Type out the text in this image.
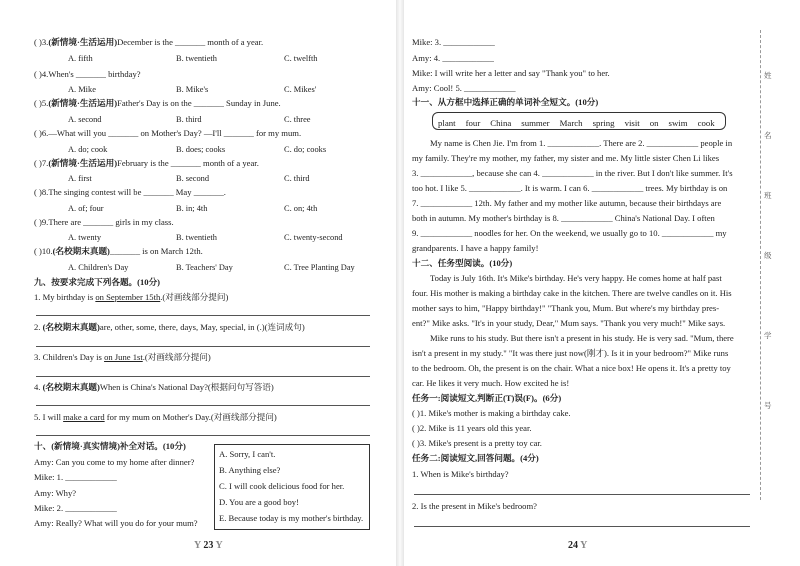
( )3.(新情境·生活运用)December is the _______ month of a year.
A. fifth	B. twentieth	C. twelfth
( )4.When's _______ birthday?
A. Mike	B. Mike's	C. Mikes'
( )5.(新情境·生活运用)Father's Day is on the _______ Sunday in June.
A. second	B. third	C. three
( )6.—What will you _______ on Mother's Day? —I'll _______ for my mum.
A. do; cook	B. does; cooks	C. do; cooks
( )7.(新情境·生活运用)February is the _______ month of a year.
A. first	B. second	C. third
( )8.The singing contest will be _______ May _______.
A. of; four	B. in; 4th	C. on; 4th
( )9.There are _______ girls in my class.
A. twenty	B. twentieth	C. twenty-second
( )10.(名校期末真题)_______ is on March 12th.
A. Children's Day	B. Teachers' Day	C. Tree Planting Day
九、按要求完成下列各题。(10分)
1. My birthday is on September 15th.(对画线部分提问)
2. (名校期末真题)are, other, some, there, days, May, special, in (.)(连词成句)
3. Children's Day is on June 1st.(对画线部分提问)
4. (名校期末真题)When is China's National Day?(根据问句写答语)
5. I will make a card for my mum on Mother's Day.(对画线部分提问)
十、(新情境·真实情境)补全对话。(10分)
Amy: Can you come to my home after dinner?
Mike: 1. ____________
Amy: Why?
Mike: 2. ____________
Amy: Really? What will you do for your mum?
A. Sorry, I can't.
B. Anything else?
C. I will cook delicious food for her.
D. You are a good boy!
E. Because today is my mother's birthday.
Y 23 Y
Mike: 3. ____________
Amy: 4. ____________
Mike: I will write her a letter and say "Thank you" to her.
Amy: Cool! 5. ____________
十一、从方框中选择正确的单词补全短文。(10分)
plant four China summer March spring visit on swim cook
My name is Chen Jie. I'm from 1. ____________. There are 2. ____________ people in
my family. They're my mother, my father, my sister and me. My little sister Chen Li likes
3. ____________, because she can 4. ____________ in the river. But I don't like summer. It's
too hot. I like 5. ____________. It is warm. I can 6. ____________ trees. My birthday is on
7. ____________ 12th. My father and my mother like autumn, because their birthdays are
both in autumn. My mother's birthday is 8. ____________ China's National Day. I often
9. ____________ noodles for her. On the weekend, we usually go to 10. ____________ my
grandparents. I have a happy family!
十二、任务型阅读。(10分)
Today is July 16th. It's Mike's birthday. He's very happy. He comes home at half past
four. His mother is making a birthday cake in the kitchen. There are twelve candles on it. His
mother says to him, "Happy birthday!" "Thank you, Mum. But where's my birthday pres-
ent?" Mike asks. "It's in your study, Dear," Mum says. "Thank you very much!" Mike says.
Mike runs to his study. But there isn't a present in his study. He is very sad. "Mum, there
isn't a present in my study." "It was there just now(刚才). Is it in your bedroom?" Mike runs
to the bedroom. Oh, the present is on the chair. What a nice box! He opens it. It's a pretty toy
car. He likes it very much. How excited he is!
任务一:阅读短文,判断正(T)误(F)。(6分)
( )1. Mike's mother is making a birthday cake.
( )2. Mike is 11 years old this year.
( )3. Mike's present is a pretty toy car.
任务二:阅读短文,回答问题。(4分)
1. When is Mike's birthday?
2. Is the present in Mike's bedroom?
24 Y
姓
名
班
级
学
号
